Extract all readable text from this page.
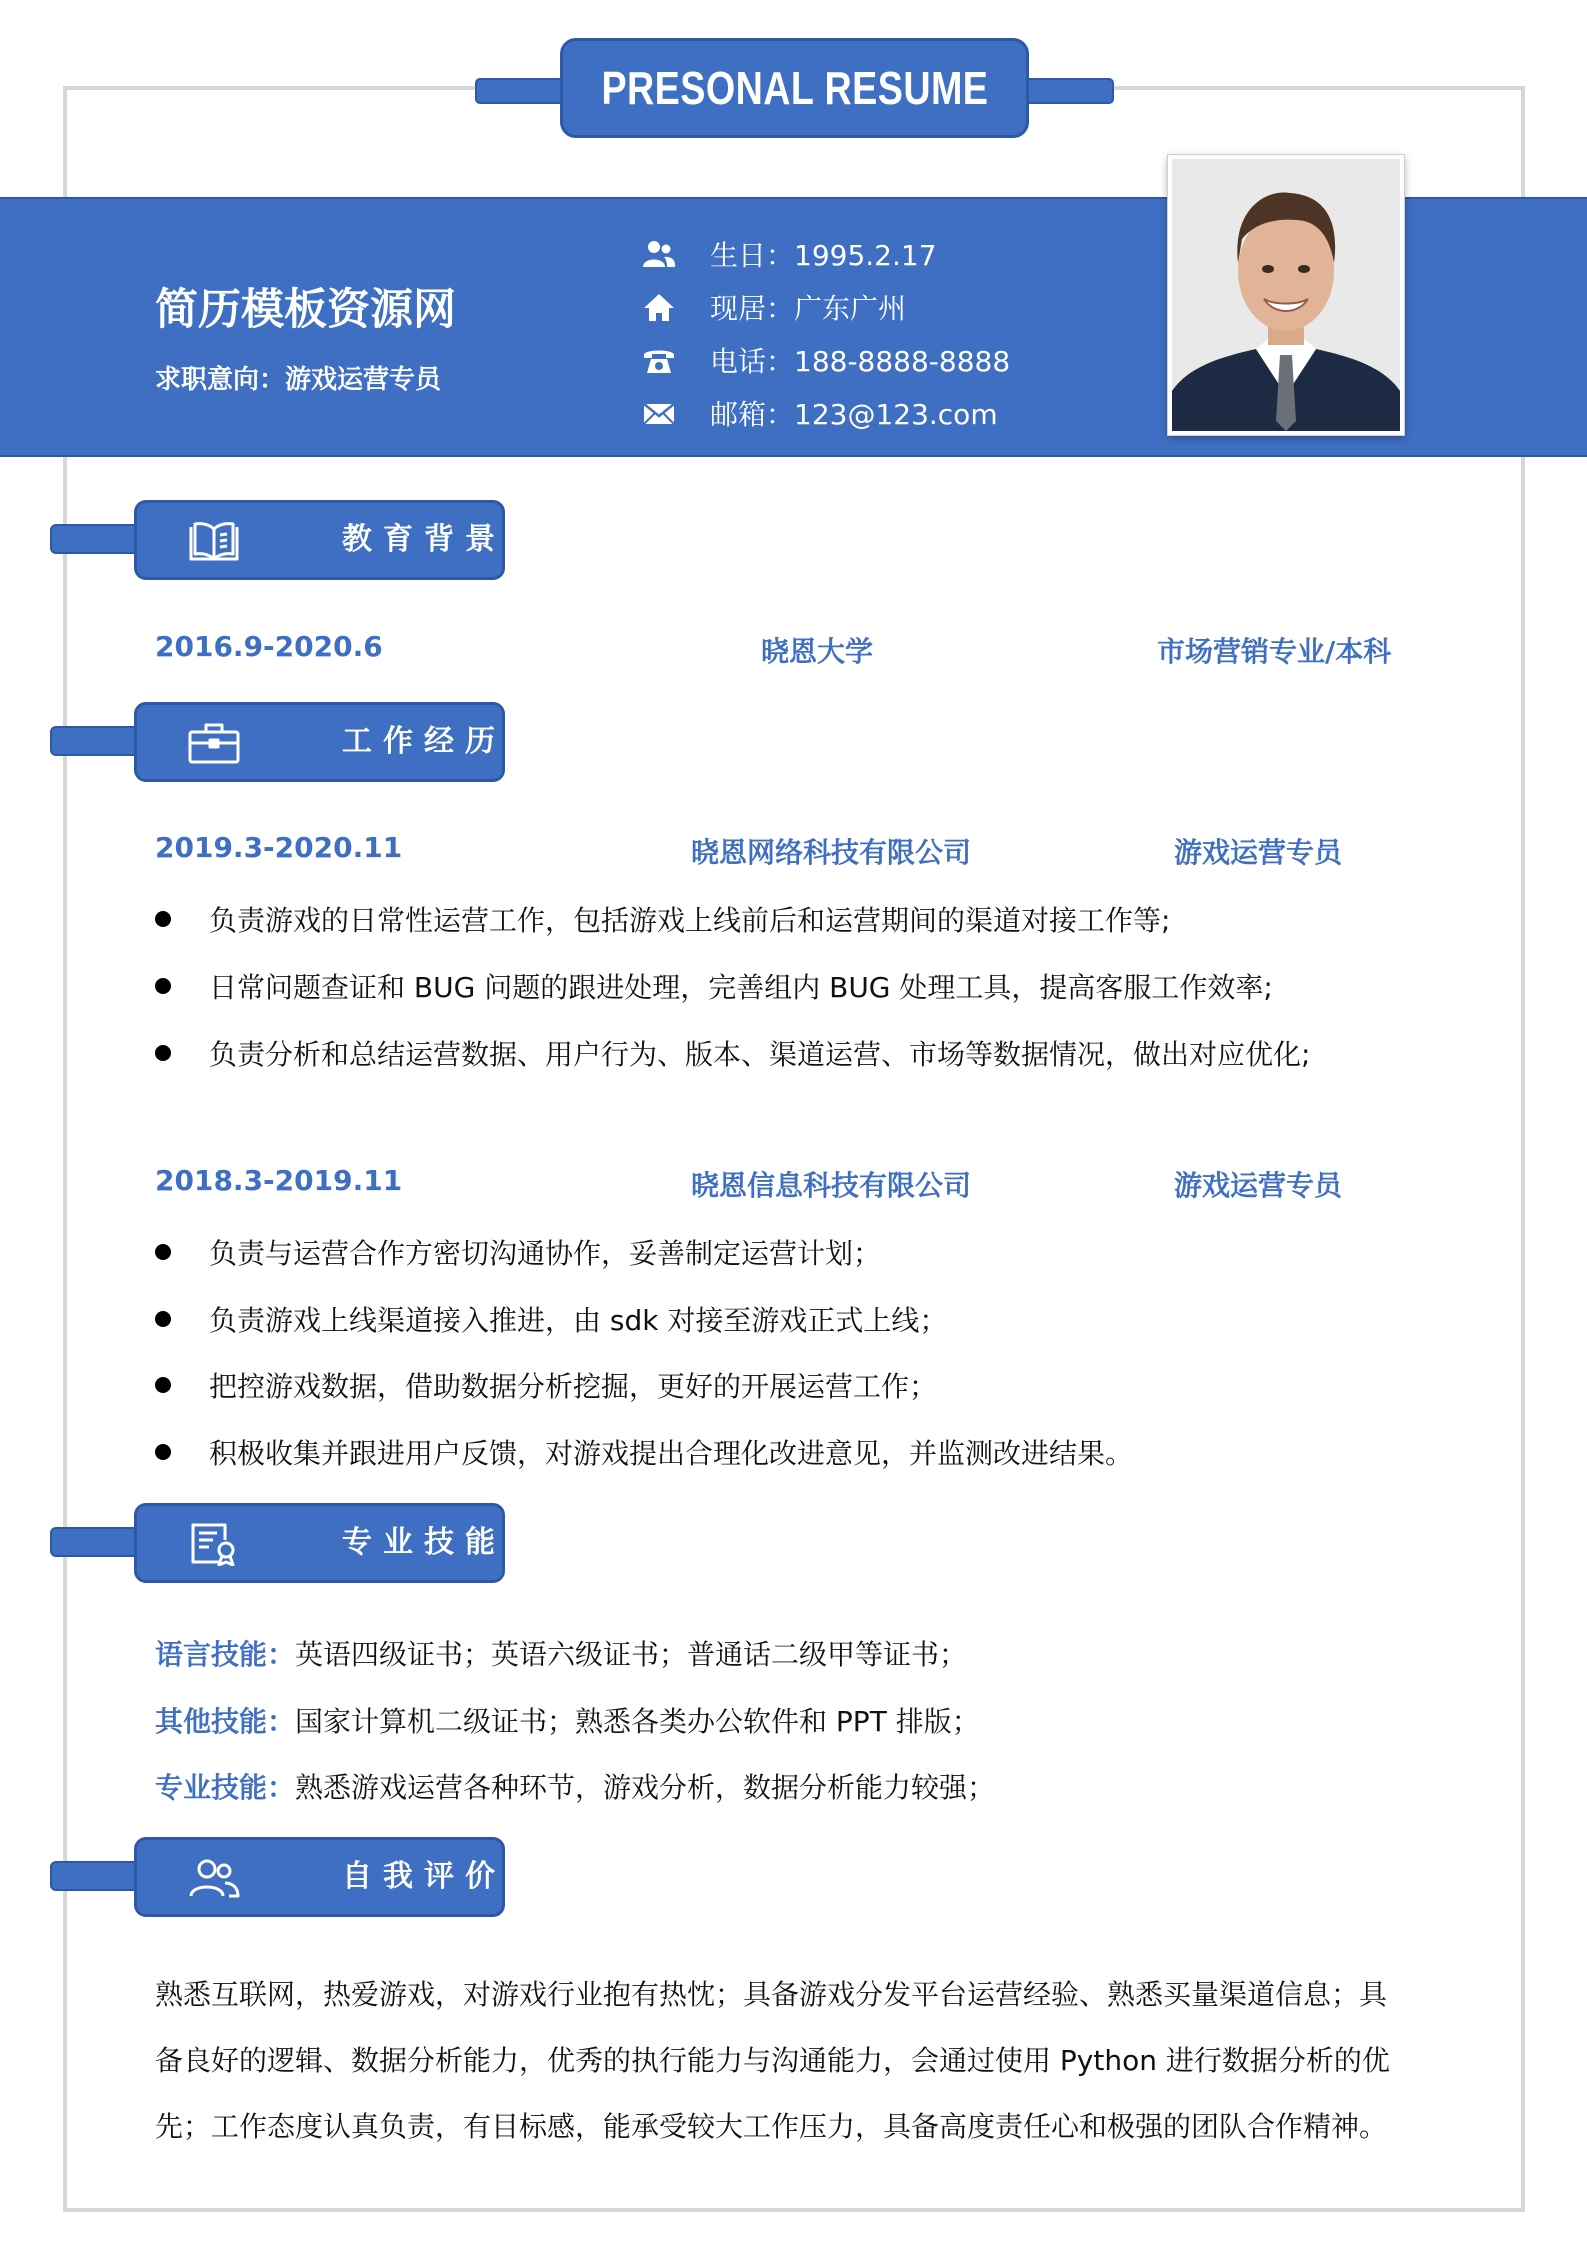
PRESONAL RESUME
简历模板资源网
求职意向：游戏运营专员
生日：1995.2.17
现居：广东广州
电话：188-8888-8888
邮箱：123@123.com
教育背景
2016.9-2020.6	晓恩大学	市场营销专业/本科
工作经历
2019.3-2020.11	晓恩网络科技有限公司	游戏运营专员
负责游戏的日常性运营工作，包括游戏上线前后和运营期间的渠道对接工作等;
日常问题查证和 BUG 问题的跟进处理，完善组内 BUG 处理工具，提高客服工作效率;
负责分析和总结运营数据、用户行为、版本、渠道运营、市场等数据情况，做出对应优化;
2018.3-2019.11	晓恩信息科技有限公司	游戏运营专员
负责与运营合作方密切沟通协作，妥善制定运营计划；
负责游戏上线渠道接入推进，由 sdk 对接至游戏正式上线；
把控游戏数据，借助数据分析挖掘，更好的开展运营工作；
积极收集并跟进用户反馈，对游戏提出合理化改进意见，并监测改进结果。
专业技能
语言技能：英语四级证书；英语六级证书；普通话二级甲等证书；
其他技能：国家计算机二级证书；熟悉各类办公软件和 PPT 排版；
专业技能：熟悉游戏运营各种环节，游戏分析，数据分析能力较强；
自我评价
熟悉互联网，热爱游戏，对游戏行业抱有热忱；具备游戏分发平台运营经验、熟悉买量渠道信息；具
备良好的逻辑、数据分析能力，优秀的执行能力与沟通能力，会通过使用 Python 进行数据分析的优
先；工作态度认真负责，有目标感，能承受较大工作压力，具备高度责任心和极强的团队合作精神。
